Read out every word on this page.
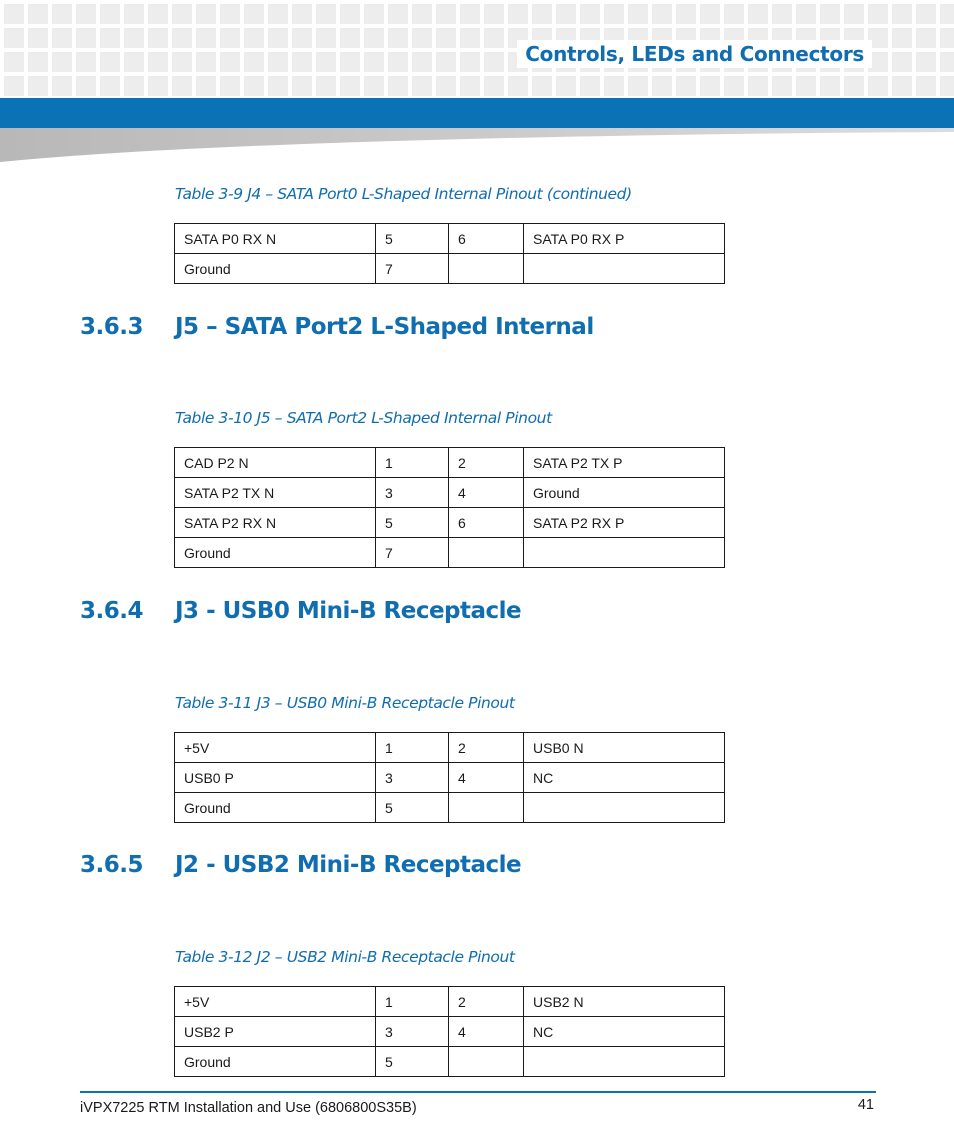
Controls, LEDs and Connectors
Table 3-9 J4 – SATA Port0 L-Shaped Internal Pinout (continued)
SATA P0 RX N	5	6	SATA P0 RX P
Ground	7		
3.6.3 J5 – SATA Port2 L-Shaped Internal
Table 3-10 J5 – SATA Port2 L-Shaped Internal Pinout
CAD P2 N	1	2	SATA P2 TX P
SATA P2 TX N	3	4	Ground
SATA P2 RX N	5	6	SATA P2 RX P
Ground	7		
3.6.4 J3 - USB0 Mini-B Receptacle
Table 3-11 J3 – USB0 Mini-B Receptacle Pinout
+5V	1	2	USB0 N
USB0 P	3	4	NC
Ground	5		
3.6.5 J2 - USB2 Mini-B Receptacle
Table 3-12 J2 – USB2 Mini-B Receptacle Pinout
+5V	1	2	USB2 N
USB2 P	3	4	NC
Ground	5		
iVPX7225 RTM Installation and Use (6806800S35B)	41
